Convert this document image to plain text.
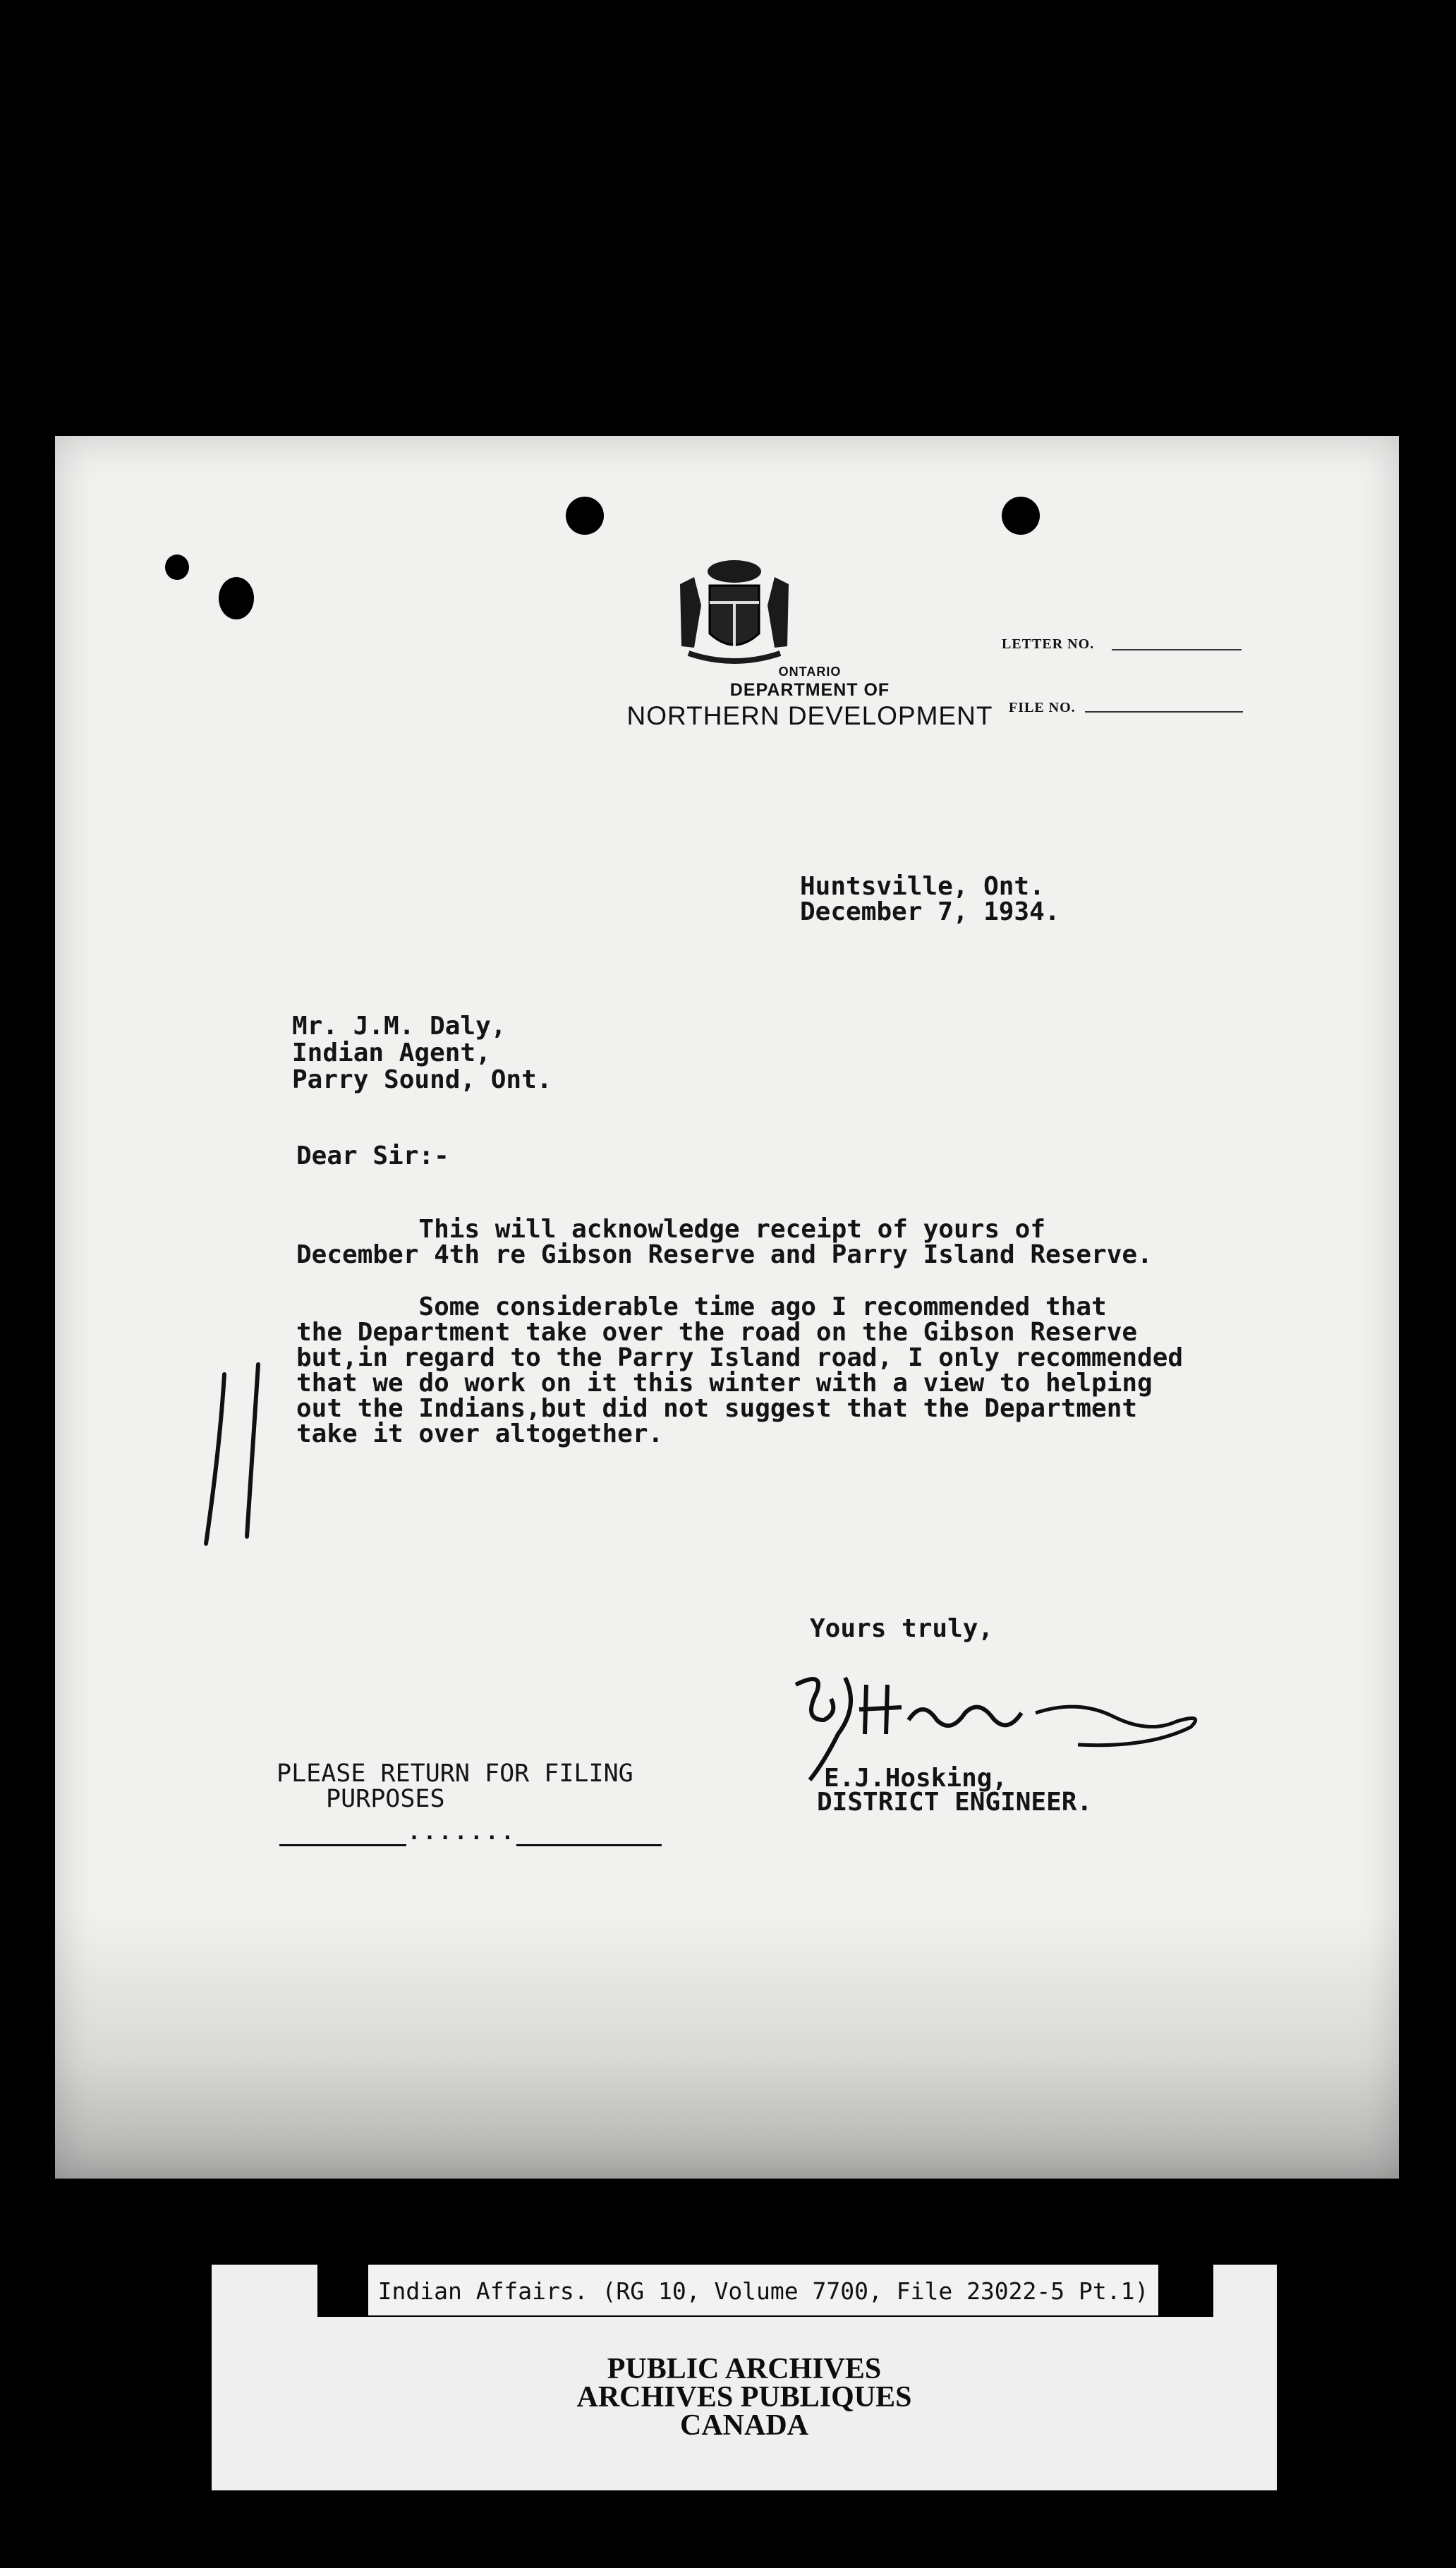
ONTARIO
DEPARTMENT OF
NORTHERN DEVELOPMENT
LETTER NO.
FILE NO.
Huntsville, Ont.
December 7, 1934.
Mr. J.M. Daly,
Indian Agent,
Parry Sound, Ont.
Dear Sir:-
This will acknowledge receipt of yours of
December 4th re Gibson Reserve and Parry Island Reserve.
Some considerable time ago I recommended that
the Department take over the road on the Gibson Reserve
but,in regard to the Parry Island road, I only recommended
that we do work on it this winter with a view to helping
out the Indians,but did not suggest that the Department
take it over altogether.
Yours truly,
E.J.Hosking,
DISTRICT ENGINEER.
PLEASE RETURN FOR FILING
PURPOSES
.......
PUBLIC ARCHIVES
ARCHIVES PUBLIQUES
CANADA
Indian Affairs. (RG 10, Volume 7700, File 23022-5 Pt.1)
